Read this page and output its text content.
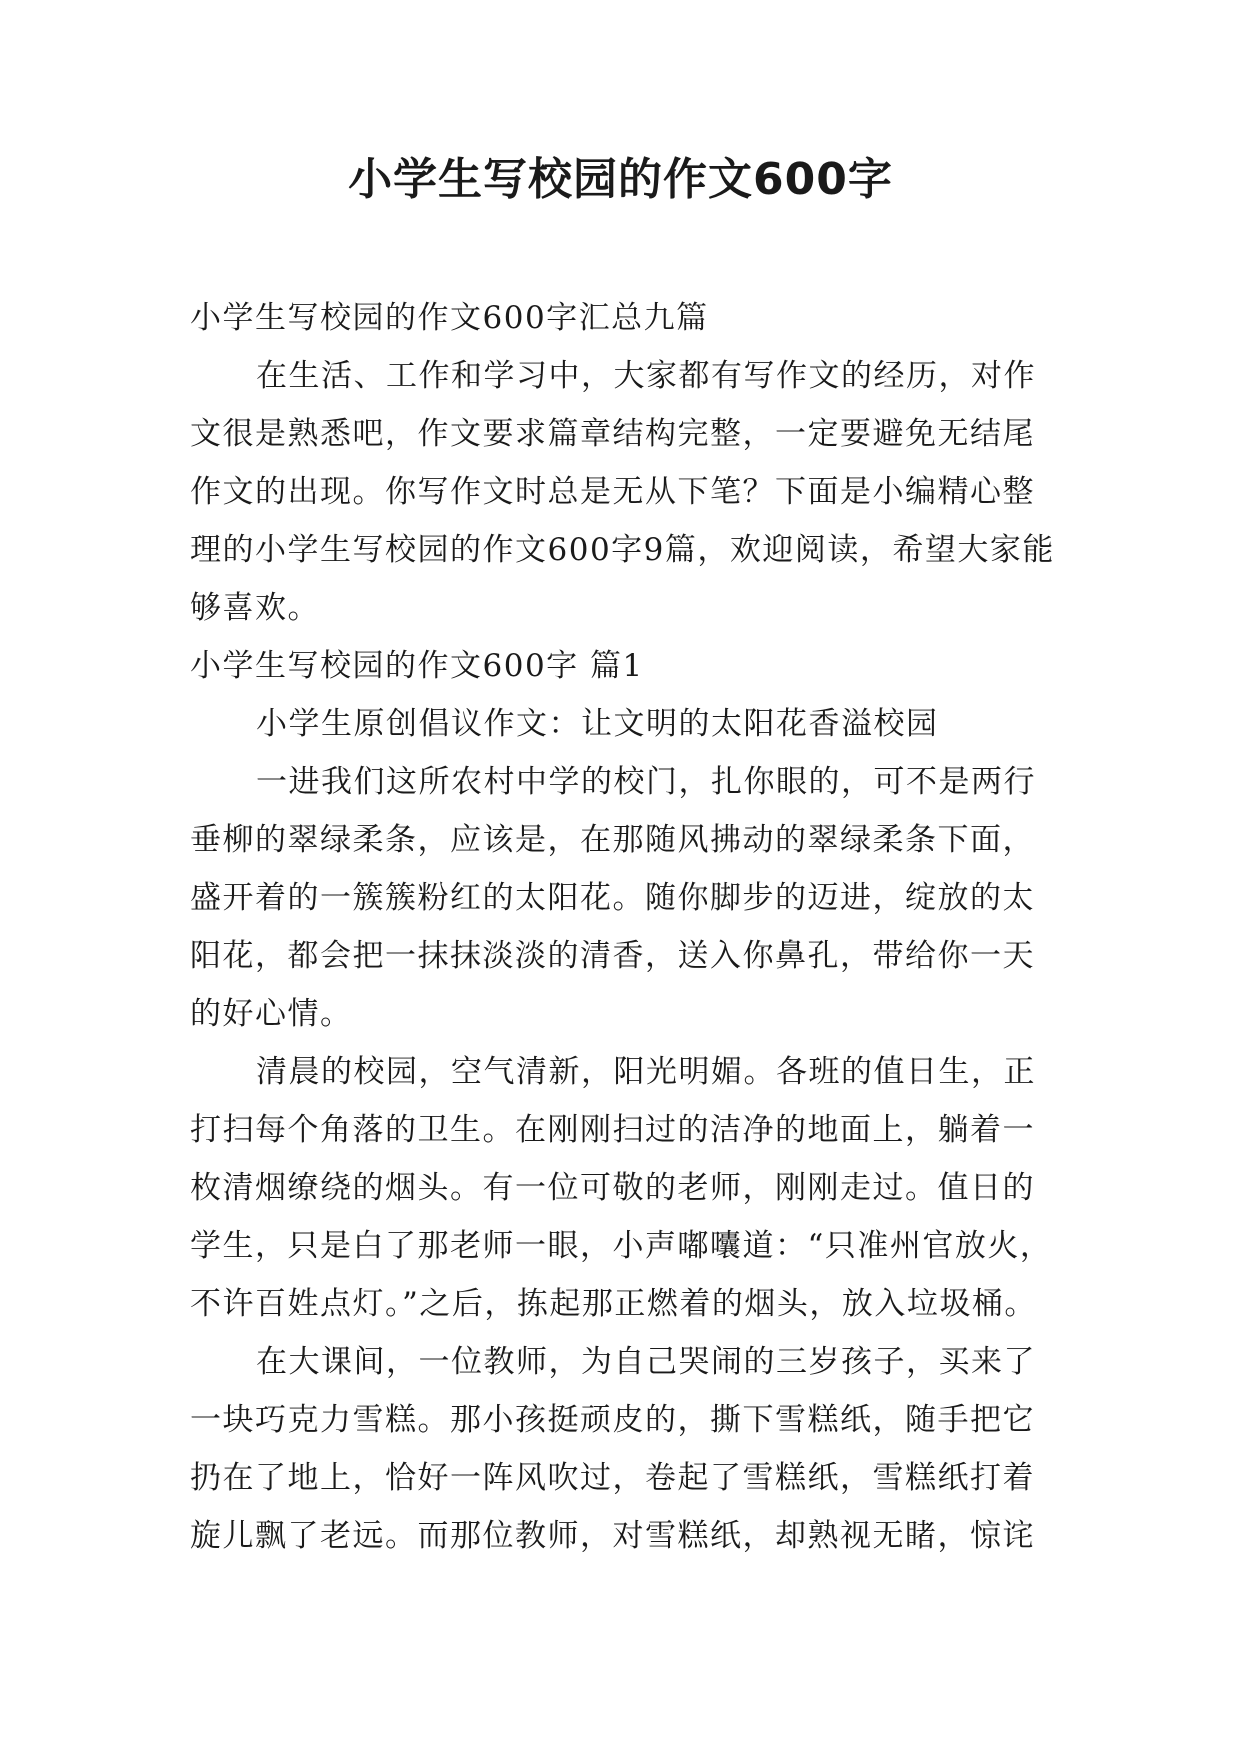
小学生写校园的作文600字

小学生写校园的作文600字汇总九篇

在生活、工作和学习中，大家都有写作文的经历，对作文很是熟悉吧，作文要求篇章结构完整，一定要避免无结尾作文的出现。你写作文时总是无从下笔？下面是小编精心整理的小学生写校园的作文600字9篇，欢迎阅读，希望大家能够喜欢。

小学生写校园的作文600字 篇1

小学生原创倡议作文：让文明的太阳花香溢校园

一进我们这所农村中学的校门，扎你眼的，可不是两行垂柳的翠绿柔条，应该是，在那随风拂动的翠绿柔条下面，盛开着的一簇簇粉红的太阳花。随你脚步的迈进，绽放的太阳花，都会把一抹抹淡淡的清香，送入你鼻孔，带给你一天的好心情。

清晨的校园，空气清新，阳光明媚。各班的值日生，正打扫每个角落的卫生。在刚刚扫过的洁净的地面上，躺着一枚清烟缭绕的烟头。有一位可敬的老师，刚刚走过。值日的学生，只是白了那老师一眼，小声嘟囔道：“只准州官放火，不许百姓点灯。”之后，拣起那正燃着的烟头，放入垃圾桶。

在大课间，一位教师，为自己哭闹的三岁孩子，买来了一块巧克力雪糕。那小孩挺顽皮的，撕下雪糕纸，随手把它扔在了地上，恰好一阵风吹过，卷起了雪糕纸，雪糕纸打着旋儿飘了老远。而那位教师，对雪糕纸，却熟视无睹，惊诧
